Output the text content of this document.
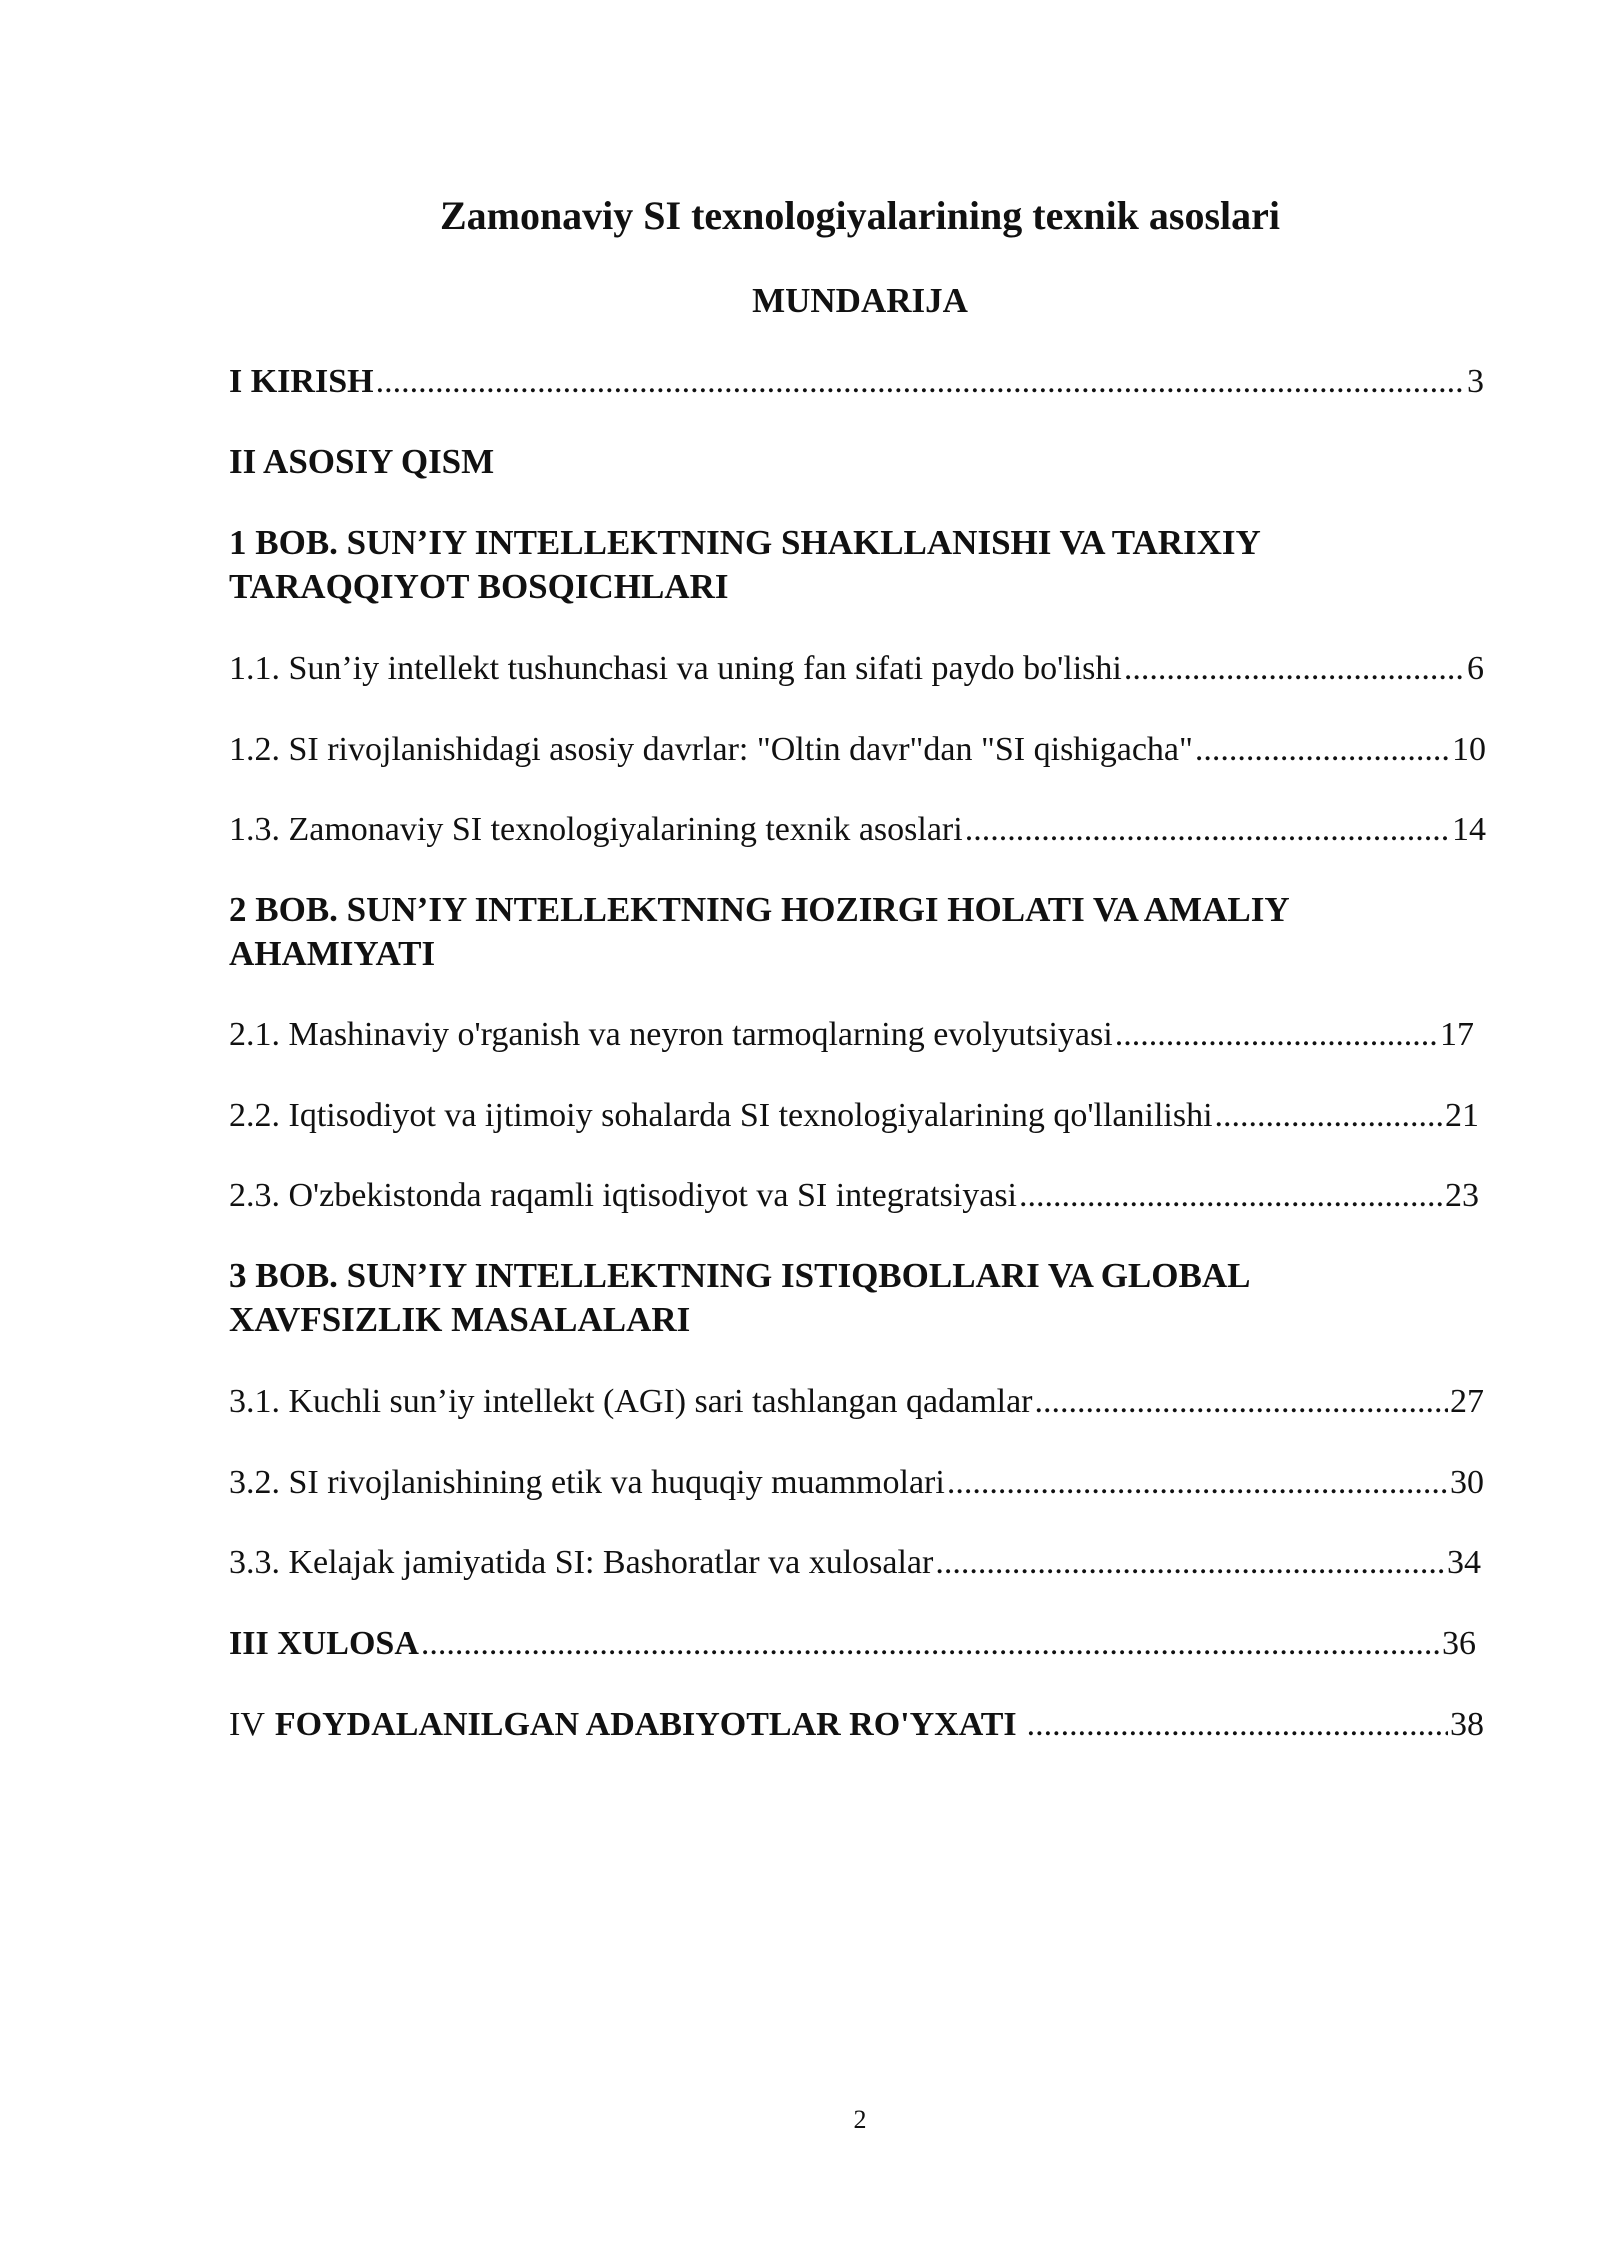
Zamonaviy SI texnologiyalarining texnik asoslari
MUNDARIJA
I KIRISH .....	3
II ASOSIY QISM
1 BOB. SUN’IY INTELLEKTNING SHAKLLANISHI VA TARIXIY
TARAQQIYOT BOSQICHLARI
1.1. Sun’iy intellekt tushunchasi va uning fan sifati paydo bo'lishi .....	6
1.2. SI rivojlanishidagi asosiy davrlar: "Oltin davr"dan "SI qishigacha" .....	10
1.3. Zamonaviy SI texnologiyalarining texnik asoslari .....	14
2 BOB. SUN’IY INTELLEKTNING HOZIRGI HOLATI VA AMALIY
AHAMIYATI
2.1. Mashinaviy o'rganish va neyron tarmoqlarning evolyutsiyasi .....	17
2.2. Iqtisodiyot va ijtimoiy sohalarda SI texnologiyalarining qo'llanilishi .....	21
2.3. O'zbekistonda raqamli iqtisodiyot va SI integratsiyasi .....	23
3 BOB. SUN’IY INTELLEKTNING ISTIQBOLLARI VA GLOBAL
XAVFSIZLIK MASALALARI
3.1. Kuchli sun’iy intellekt (AGI) sari tashlangan qadamlar .....	27
3.2. SI rivojlanishining etik va huquqiy muammolari .....	30
3.3. Kelajak jamiyatida SI: Bashoratlar va xulosalar .....	34
III XULOSA .....	36
IV FOYDALANILGAN ADABIYOTLAR RO'YXATI .....	38
2
